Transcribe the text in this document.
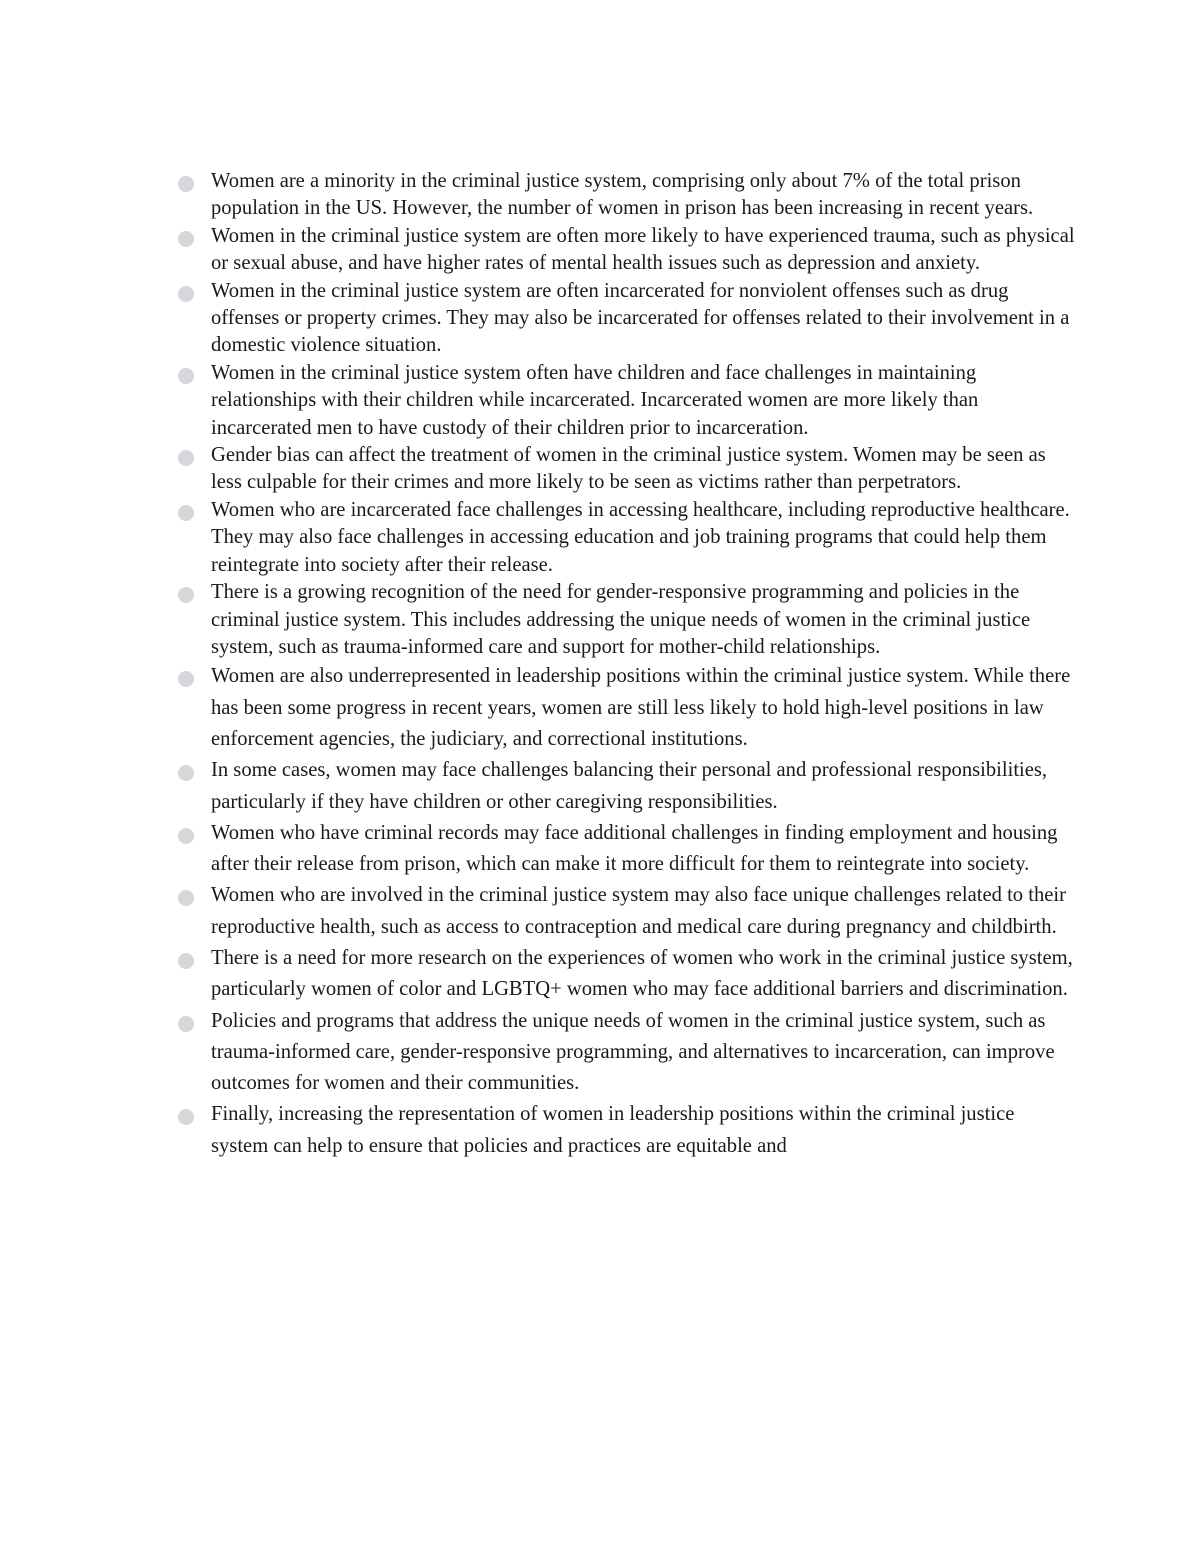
Women are a minority in the criminal justice system, comprising only about 7% of the total prison population in the US. However, the number of women in prison has been increasing in recent years.
Women in the criminal justice system are often more likely to have experienced trauma, such as physical or sexual abuse, and have higher rates of mental health issues such as depression and anxiety.
Women in the criminal justice system are often incarcerated for nonviolent offenses such as drug offenses or property crimes. They may also be incarcerated for offenses related to their involvement in a domestic violence situation.
Women in the criminal justice system often have children and face challenges in maintaining relationships with their children while incarcerated. Incarcerated women are more likely than incarcerated men to have custody of their children prior to incarceration.
Gender bias can affect the treatment of women in the criminal justice system. Women may be seen as less culpable for their crimes and more likely to be seen as victims rather than perpetrators.
Women who are incarcerated face challenges in accessing healthcare, including reproductive healthcare. They may also face challenges in accessing education and job training programs that could help them reintegrate into society after their release.
There is a growing recognition of the need for gender-responsive programming and policies in the criminal justice system. This includes addressing the unique needs of women in the criminal justice system, such as trauma-informed care and support for mother-child relationships.
Women are also underrepresented in leadership positions within the criminal justice system. While there has been some progress in recent years, women are still less likely to hold high-level positions in law enforcement agencies, the judiciary, and correctional institutions.
In some cases, women may face challenges balancing their personal and professional responsibilities, particularly if they have children or other caregiving responsibilities.
Women who have criminal records may face additional challenges in finding employment and housing after their release from prison, which can make it more difficult for them to reintegrate into society.
Women who are involved in the criminal justice system may also face unique challenges related to their reproductive health, such as access to contraception and medical care during pregnancy and childbirth.
There is a need for more research on the experiences of women who work in the criminal justice system, particularly women of color and LGBTQ+ women who may face additional barriers and discrimination.
Policies and programs that address the unique needs of women in the criminal justice system, such as trauma-informed care, gender-responsive programming, and alternatives to incarceration, can improve outcomes for women and their communities.
Finally, increasing the representation of women in leadership positions within the criminal justice system can help to ensure that policies and practices are equitable and
